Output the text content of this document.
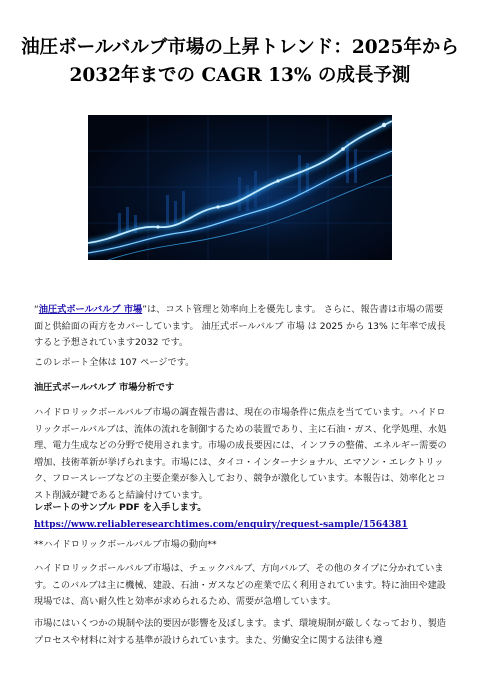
油圧ボールバルブ市場の上昇トレンド：2025年から2032年までの CAGR 13% の成長予測

“油圧式ボールバルブ 市場”は、コスト管理と効率向上を優先します。 さらに、報告書は市場の需要面と供給面の両方をカバーしています。 油圧式ボールバルブ 市場 は 2025 から 13% に年率で成長すると予想されています2032 です。

このレポート全体は 107 ページです。

油圧式ボールバルブ 市場分析です

ハイドロリックボールバルブ市場の調査報告書は、現在の市場条件に焦点を当てています。ハイドロリックボールバルブは、流体の流れを制御するための装置であり、主に石油・ガス、化学処理、水処理、電力生成などの分野で使用されます。市場の成長要因には、インフラの整備、エネルギー需要の増加、技術革新が挙げられます。市場には、タイコ・インターナショナル、エマソン・エレクトリック、フロースレーブなどの主要企業が参入しており、競争が激化しています。本報告は、効率化とコスト削減が鍵であると結論付けています。

レポートのサンプル PDF を入手します。 https://www.reliableresearchtimes.com/enquiry/request-sample/1564381

**ハイドロリックボールバルブ市場の動向**

ハイドロリックボールバルブ市場は、チェックバルブ、方向バルブ、その他のタイプに分かれています。このバルブは主に機械、建設、石油・ガスなどの産業で広く利用されています。特に油田や建設現場では、高い耐久性と効率が求められるため、需要が急増しています。

市場にはいくつかの規制や法的要因が影響を及ぼします。まず、環境規制が厳しくなっており、製造プロセスや材料に対する基準が設けられています。また、労働安全に関する法律も遵
